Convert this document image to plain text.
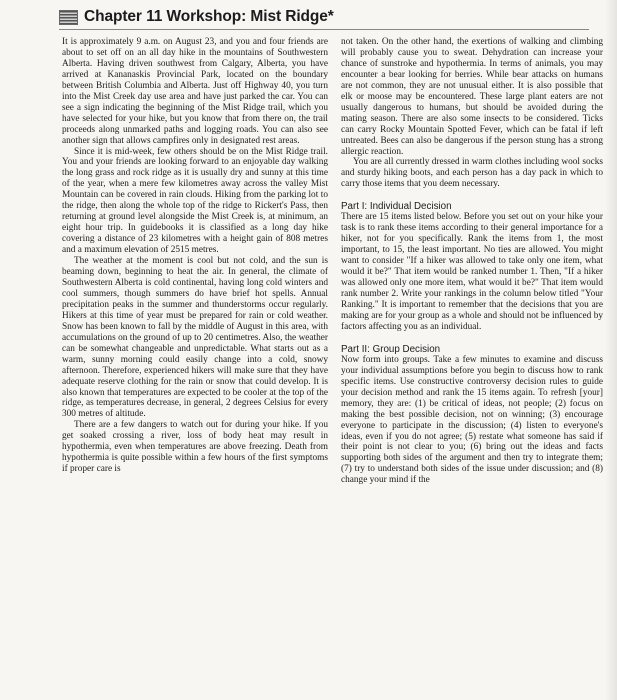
Chapter 11 Workshop: Mist Ridge*

It is approximately 9 a.m. on August 23, and you and four friends are about to set off on an all day hike in the mountains of Southwestern Alberta. Having driven southwest from Calgary, Alberta, you have arrived at Kananaskis Provincial Park, located on the boundary between British Columbia and Alberta. Just off Highway 40, you turn into the Mist Creek day use area and have just parked the car. You can see a sign indicating the beginning of the Mist Ridge trail, which you have selected for your hike, but you know that from there on, the trail proceeds along unmarked paths and logging roads. You can also see another sign that allows campfires only in designated rest areas.

Since it is mid-week, few others should be on the Mist Ridge trail. You and your friends are looking forward to an enjoyable day walking the long grass and rock ridge as it is usually dry and sunny at this time of the year, when a mere few kilometres away across the valley Mist Mountain can be covered in rain clouds. Hiking from the parking lot to the ridge, then along the whole top of the ridge to Rickert's Pass, then returning at ground level alongside the Mist Creek is, at minimum, an eight hour trip. In guidebooks it is classified as a long day hike covering a distance of 23 kilometres with a height gain of 808 metres and a maximum elevation of 2515 metres.

The weather at the moment is cool but not cold, and the sun is beaming down, beginning to heat the air. In general, the climate of Southwestern Alberta is cold continental, having long cold winters and cool summers, though summers do have brief hot spells. Annual precipitation peaks in the summer and thunderstorms occur regularly. Hikers at this time of year must be prepared for rain or cold weather. Snow has been known to fall by the middle of August in this area, with accumulations on the ground of up to 20 centimetres. Also, the weather can be somewhat changeable and unpredictable. What starts out as a warm, sunny morning could easily change into a cold, snowy afternoon. Therefore, experienced hikers will make sure that they have adequate reserve clothing for the rain or snow that could develop. It is also known that temperatures are expected to be cooler at the top of the ridge, as temperatures decrease, in general, 2 degrees Celsius for every 300 metres of altitude.

There are a few dangers to watch out for during your hike. If you get soaked crossing a river, loss of body heat may result in hypothermia, even when temperatures are above freezing. Death from hypothermia is quite possible within a few hours of the first symptoms if proper care is

not taken. On the other hand, the exertions of walking and climbing will probably cause you to sweat. Dehydration can increase your chance of sunstroke and hypothermia. In terms of animals, you may encounter a bear looking for berries. While bear attacks on humans are not common, they are not unusual either. It is also possible that elk or moose may be encountered. These large plant eaters are not usually dangerous to humans, but should be avoided during the mating season. There are also some insects to be considered. Ticks can carry Rocky Mountain Spotted Fever, which can be fatal if left untreated. Bees can also be dangerous if the person stung has a strong allergic reaction.

You are all currently dressed in warm clothes including wool socks and sturdy hiking boots, and each person has a day pack in which to carry those items that you deem necessary.

Part I: Individual Decision

There are 15 items listed below. Before you set out on your hike your task is to rank these items according to their general importance for a hiker, not for you specifically. Rank the items from 1, the most important, to 15, the least important. No ties are allowed. You might want to consider "If a hiker was allowed to take only one item, what would it be?" That item would be ranked number 1. Then, "If a hiker was allowed only one more item, what would it be?" That item would rank number 2. Write your rankings in the column below titled "Your Ranking." It is important to remember that the decisions that you are making are for your group as a whole and should not be influenced by factors affecting you as an individual.

Part II: Group Decision

Now form into groups. Take a few minutes to examine and discuss your individual assumptions before you begin to discuss how to rank specific items. Use constructive controversy decision rules to guide your decision method and rank the 15 items again. To refresh [your] memory, they are: (1) be critical of ideas, not people; (2) focus on making the best possible decision, not on winning; (3) encourage everyone to participate in the discussion; (4) listen to everyone's ideas, even if you do not agree; (5) restate what someone has said if their point is not clear to you; (6) bring out the ideas and facts supporting both sides of the argument and then try to integrate them; (7) try to understand both sides of the issue under discussion; and (8) change your mind if the
